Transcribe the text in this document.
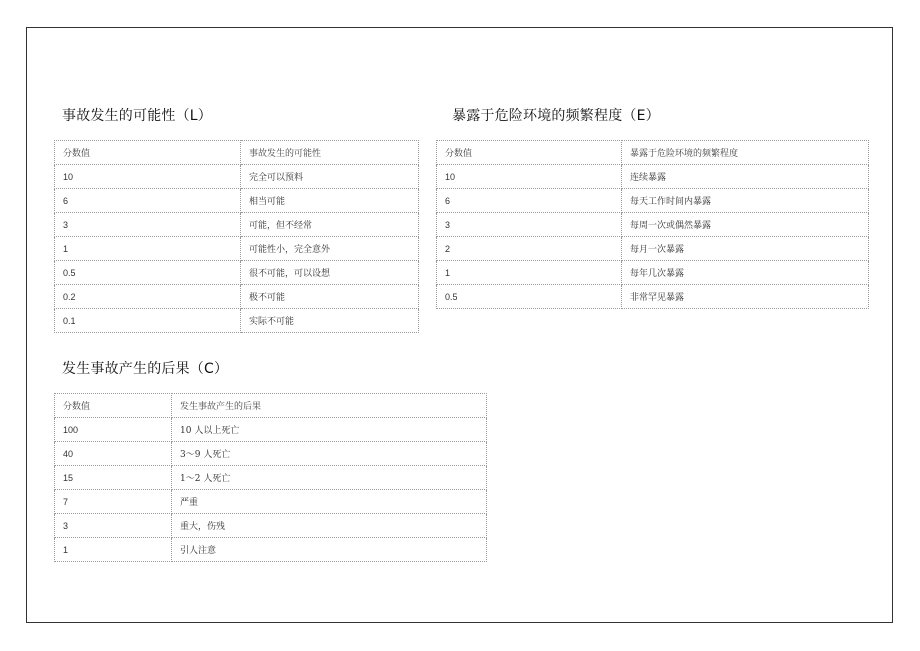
事故发生的可能性（L）
分数值	事故发生的可能性
10	完全可以预料
6	相当可能
3	可能，但不经常
1	可能性小，完全意外
0.5	很不可能，可以设想
0.2	极不可能
0.1	实际不可能
暴露于危险环境的频繁程度（E）
分数值	暴露于危险环境的频繁程度
10	连续暴露
6	每天工作时间内暴露
3	每周一次或偶然暴露
2	每月一次暴露
1	每年几次暴露
0.5	非常罕见暴露
发生事故产生的后果（C）
分数值	发生事故产生的后果
100	10 人以上死亡
40	3～9 人死亡
15	1～2 人死亡
7	严重
3	重大，伤残
1	引人注意
